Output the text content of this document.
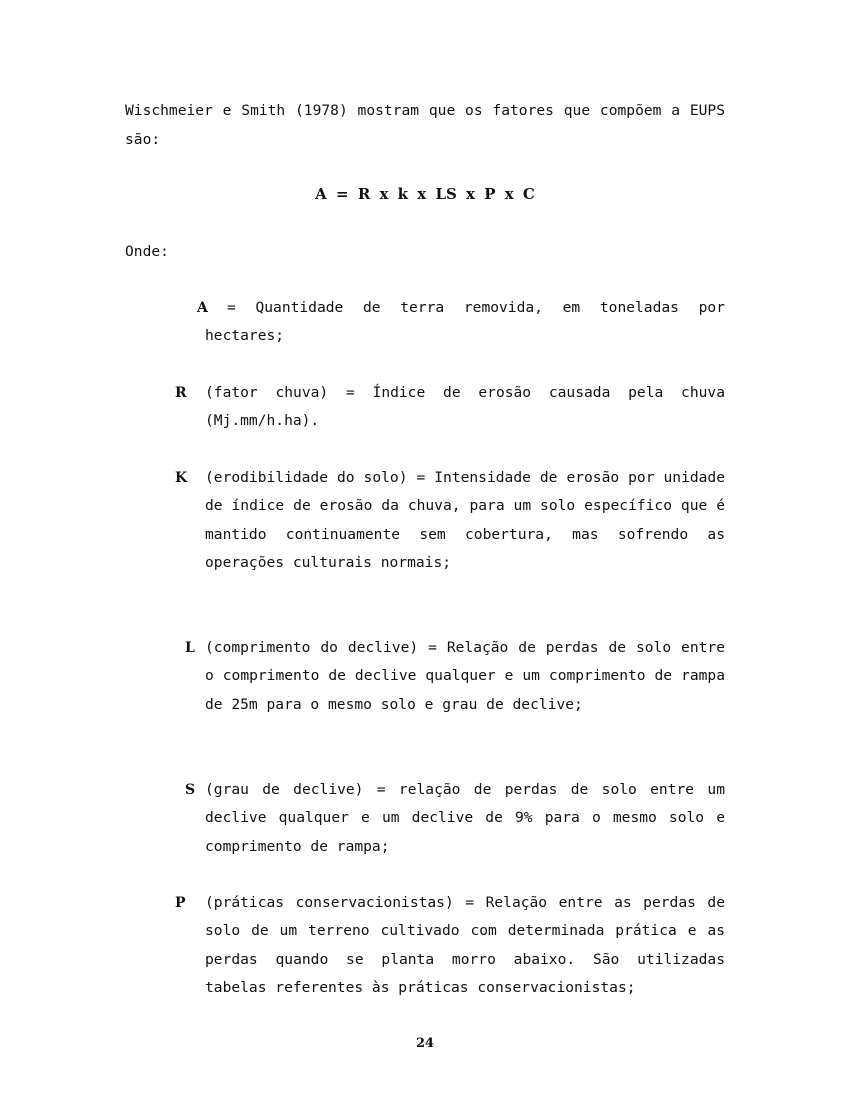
Wischmeier e Smith (1978) mostram que os fatores que compõem a EUPS são:
A = R x k x LS x P x C
Onde:
A = Quantidade de terra removida, em toneladas por hectares;
R (fator chuva) = Índice de erosão causada pela chuva (Mj.mm/h.ha).
K (erodibilidade do solo) = Intensidade de erosão por unidade de índice de erosão da chuva, para um solo específico que é mantido continuamente sem cobertura, mas sofrendo as operações culturais normais;
L (comprimento do declive) = Relação de perdas de solo entre o comprimento de declive qualquer e um comprimento de rampa de 25m para o mesmo solo e grau de declive;
S (grau de declive) = relação de perdas de solo entre um declive qualquer e um declive de 9% para o mesmo solo e comprimento de rampa;
P (práticas conservacionistas) = Relação entre as perdas de solo de um terreno cultivado com determinada prática e as perdas quando se planta morro abaixo. São utilizadas tabelas referentes às práticas conservacionistas;
24
